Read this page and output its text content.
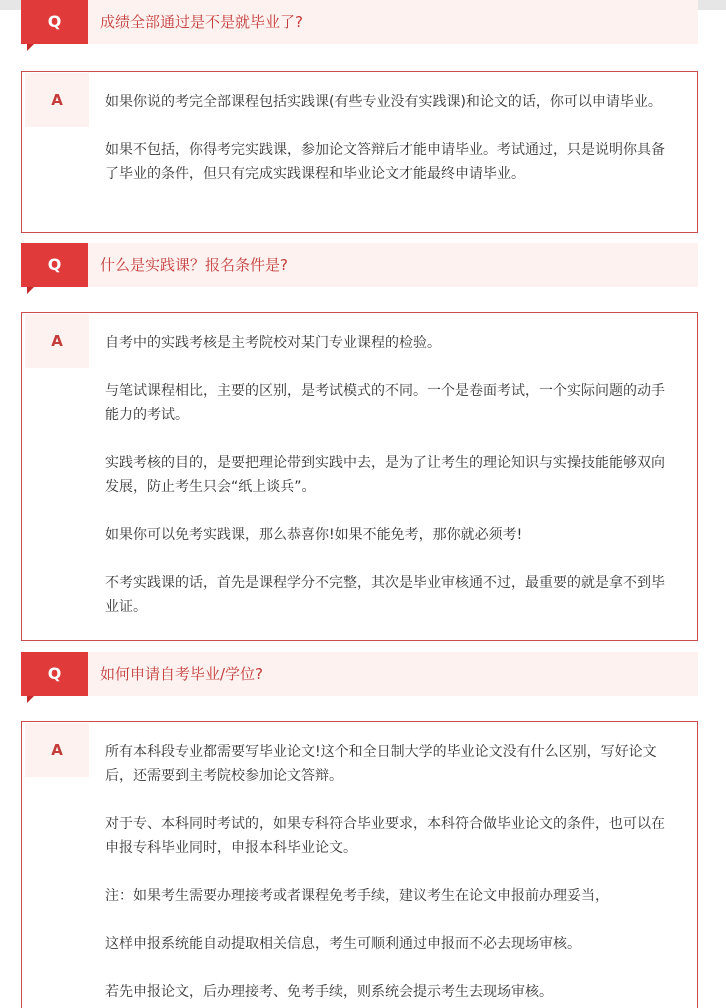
Q	成绩全部通过是不是就毕业了?
A	如果你说的考完全部课程包括实践课(有些专业没有实践课)和论文的话，你可以申请毕业。

如果不包括，你得考完实践课，参加论文答辩后才能申请毕业。考试通过，只是说明你具备了毕业的条件，但只有完成实践课程和毕业论文才能最终申请毕业。

Q	什么是实践课？报名条件是?
A	自考中的实践考核是主考院校对某门专业课程的检验。

与笔试课程相比，主要的区别，是考试模式的不同。一个是卷面考试，一个实际问题的动手能力的考试。

实践考核的目的，是要把理论带到实践中去，是为了让考生的理论知识与实操技能能够双向发展，防止考生只会“纸上谈兵”。

如果你可以免考实践课，那么恭喜你!如果不能免考，那你就必须考!

不考实践课的话，首先是课程学分不完整，其次是毕业审核通不过，最重要的就是拿不到毕业证。

Q	如何申请自考毕业/学位?
A	所有本科段专业都需要写毕业论文!这个和全日制大学的毕业论文没有什么区别，写好论文后，还需要到主考院校参加论文答辩。

对于专、本科同时考试的，如果专科符合毕业要求，本科符合做毕业论文的条件，也可以在申报专科毕业同时，申报本科毕业论文。

注：如果考生需要办理接考或者课程免考手续，建议考生在论文申报前办理妥当，

这样申报系统能自动提取相关信息，考生可顺利通过申报而不必去现场审核。

若先申报论文，后办理接考、免考手续，则系统会提示考生去现场审核。
